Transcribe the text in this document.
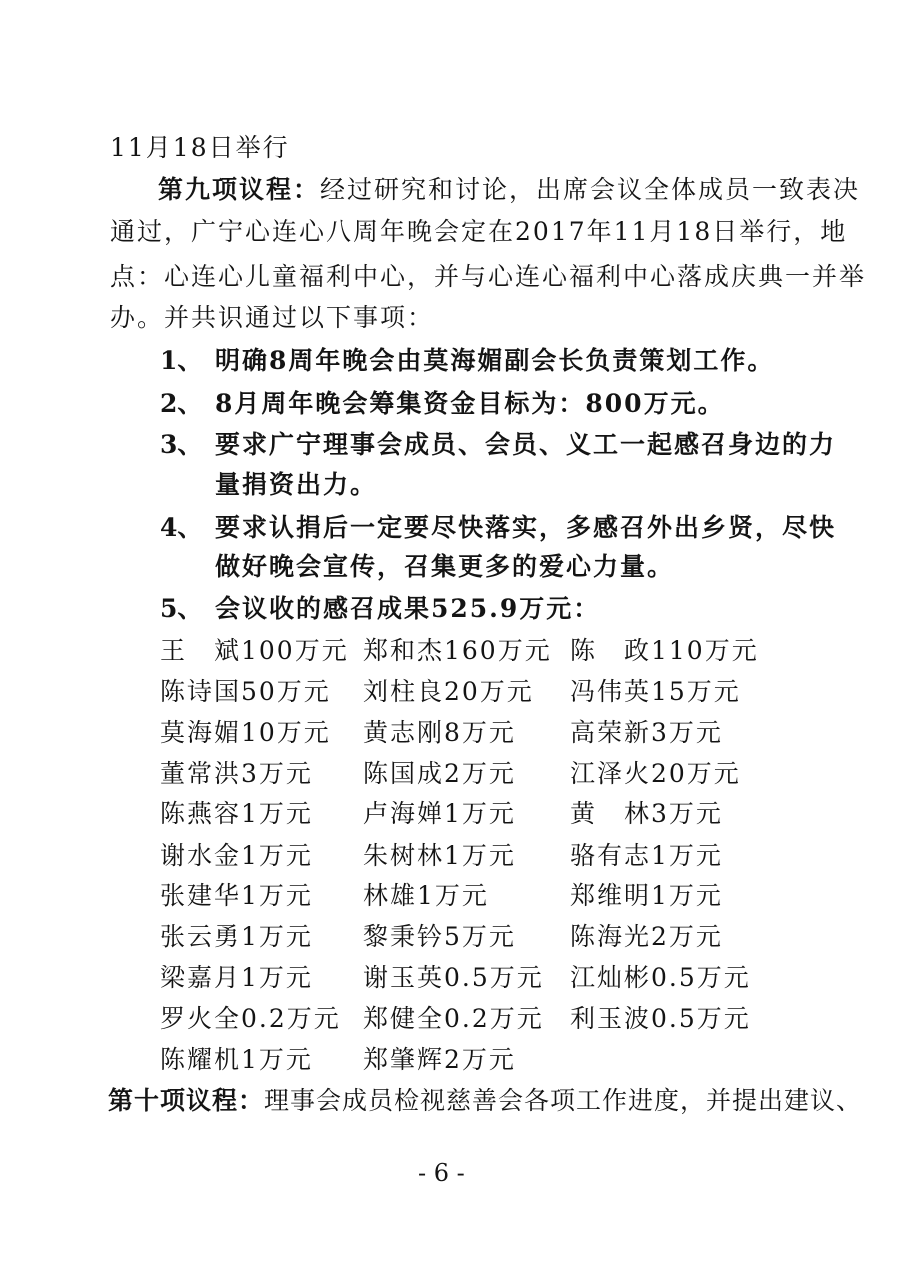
11月18日举行
第九项议程：经过研究和讨论，出席会议全体成员一致表决
通过，广宁心连心八周年晚会定在2017年11月18日举行，地
点：心连心儿童福利中心，并与心连心福利中心落成庆典一并举
办。并共识通过以下事项：
1、 明确8周年晚会由莫海媚副会长负责策划工作。
2、 8月周年晚会筹集资金目标为：800万元。
3、 要求广宁理事会成员、会员、义工一起感召身边的力
量捐资出力。
4、 要求认捐后一定要尽快落实，多感召外出乡贤，尽快
做好晚会宣传，召集更多的爱心力量。
5、 会议收的感召成果525.9万元：
王　斌100万元 郑和杰160万元 陈　政110万元
陈诗国50万元 刘柱良20万元 冯伟英15万元
莫海媚10万元 黄志刚8万元 高荣新3万元
董常洪3万元 陈国成2万元 江泽火20万元
陈燕容1万元 卢海婵1万元 黄　林3万元
谢水金1万元 朱树林1万元 骆有志1万元
张建华1万元 林雄1万元	郑维明1万元
张云勇1万元 黎秉钤5万元 陈海光2万元
梁嘉月1万元 谢玉英0.5万元 江灿彬0.5万元
罗火全0.2万元 郑健全0.2万元 利玉波0.5万元
陈耀机1万元 郑肇辉2万元
第十项议程：理事会成员检视慈善会各项工作进度，并提出建议、
- 6 -
